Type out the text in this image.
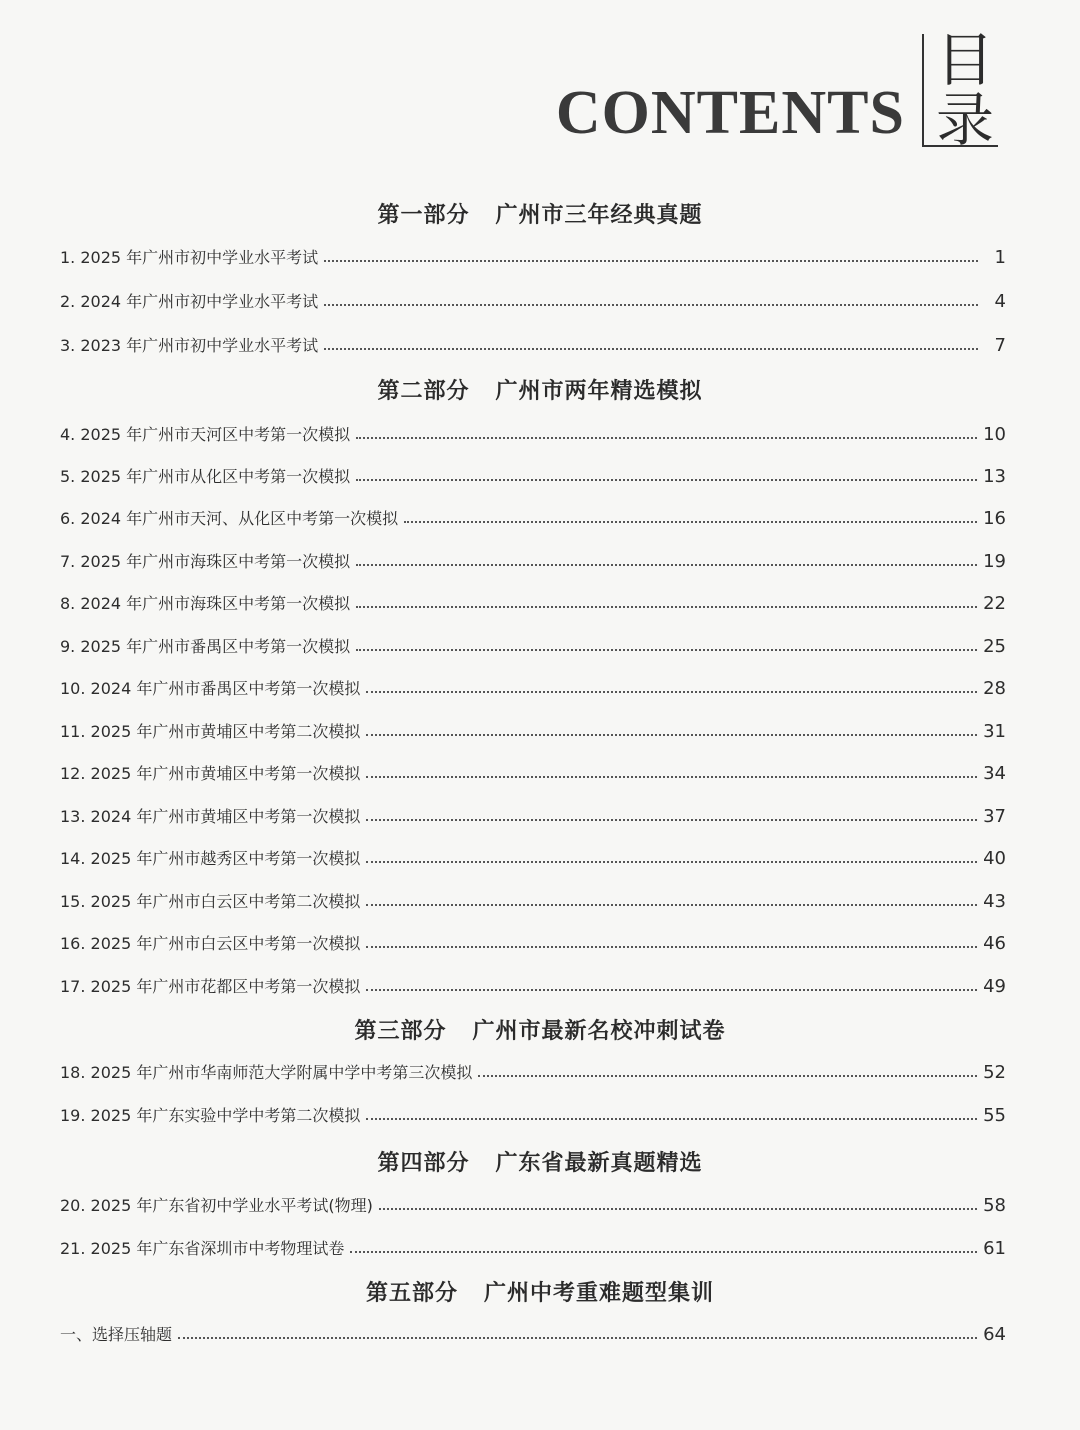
CONTENTS
目
录
第一部分 广州市三年经典真题
1. 2025 年广州市初中学业水平考试	1
2. 2024 年广州市初中学业水平考试	4
3. 2023 年广州市初中学业水平考试	7
第二部分 广州市两年精选模拟
4. 2025 年广州市天河区中考第一次模拟	10
5. 2025 年广州市从化区中考第一次模拟	13
6. 2024 年广州市天河、从化区中考第一次模拟	16
7. 2025 年广州市海珠区中考第一次模拟	19
8. 2024 年广州市海珠区中考第一次模拟	22
9. 2025 年广州市番禺区中考第一次模拟	25
10. 2024 年广州市番禺区中考第一次模拟	28
11. 2025 年广州市黄埔区中考第二次模拟	31
12. 2025 年广州市黄埔区中考第一次模拟	34
13. 2024 年广州市黄埔区中考第一次模拟	37
14. 2025 年广州市越秀区中考第一次模拟	40
15. 2025 年广州市白云区中考第二次模拟	43
16. 2025 年广州市白云区中考第一次模拟	46
17. 2025 年广州市花都区中考第一次模拟	49
第三部分 广州市最新名校冲刺试卷
18. 2025 年广州市华南师范大学附属中学中考第三次模拟	52
19. 2025 年广东实验中学中考第二次模拟	55
第四部分 广东省最新真题精选
20. 2025 年广东省初中学业水平考试(物理)	58
21. 2025 年广东省深圳市中考物理试卷	61
第五部分 广州中考重难题型集训
一、选择压轴题	64
